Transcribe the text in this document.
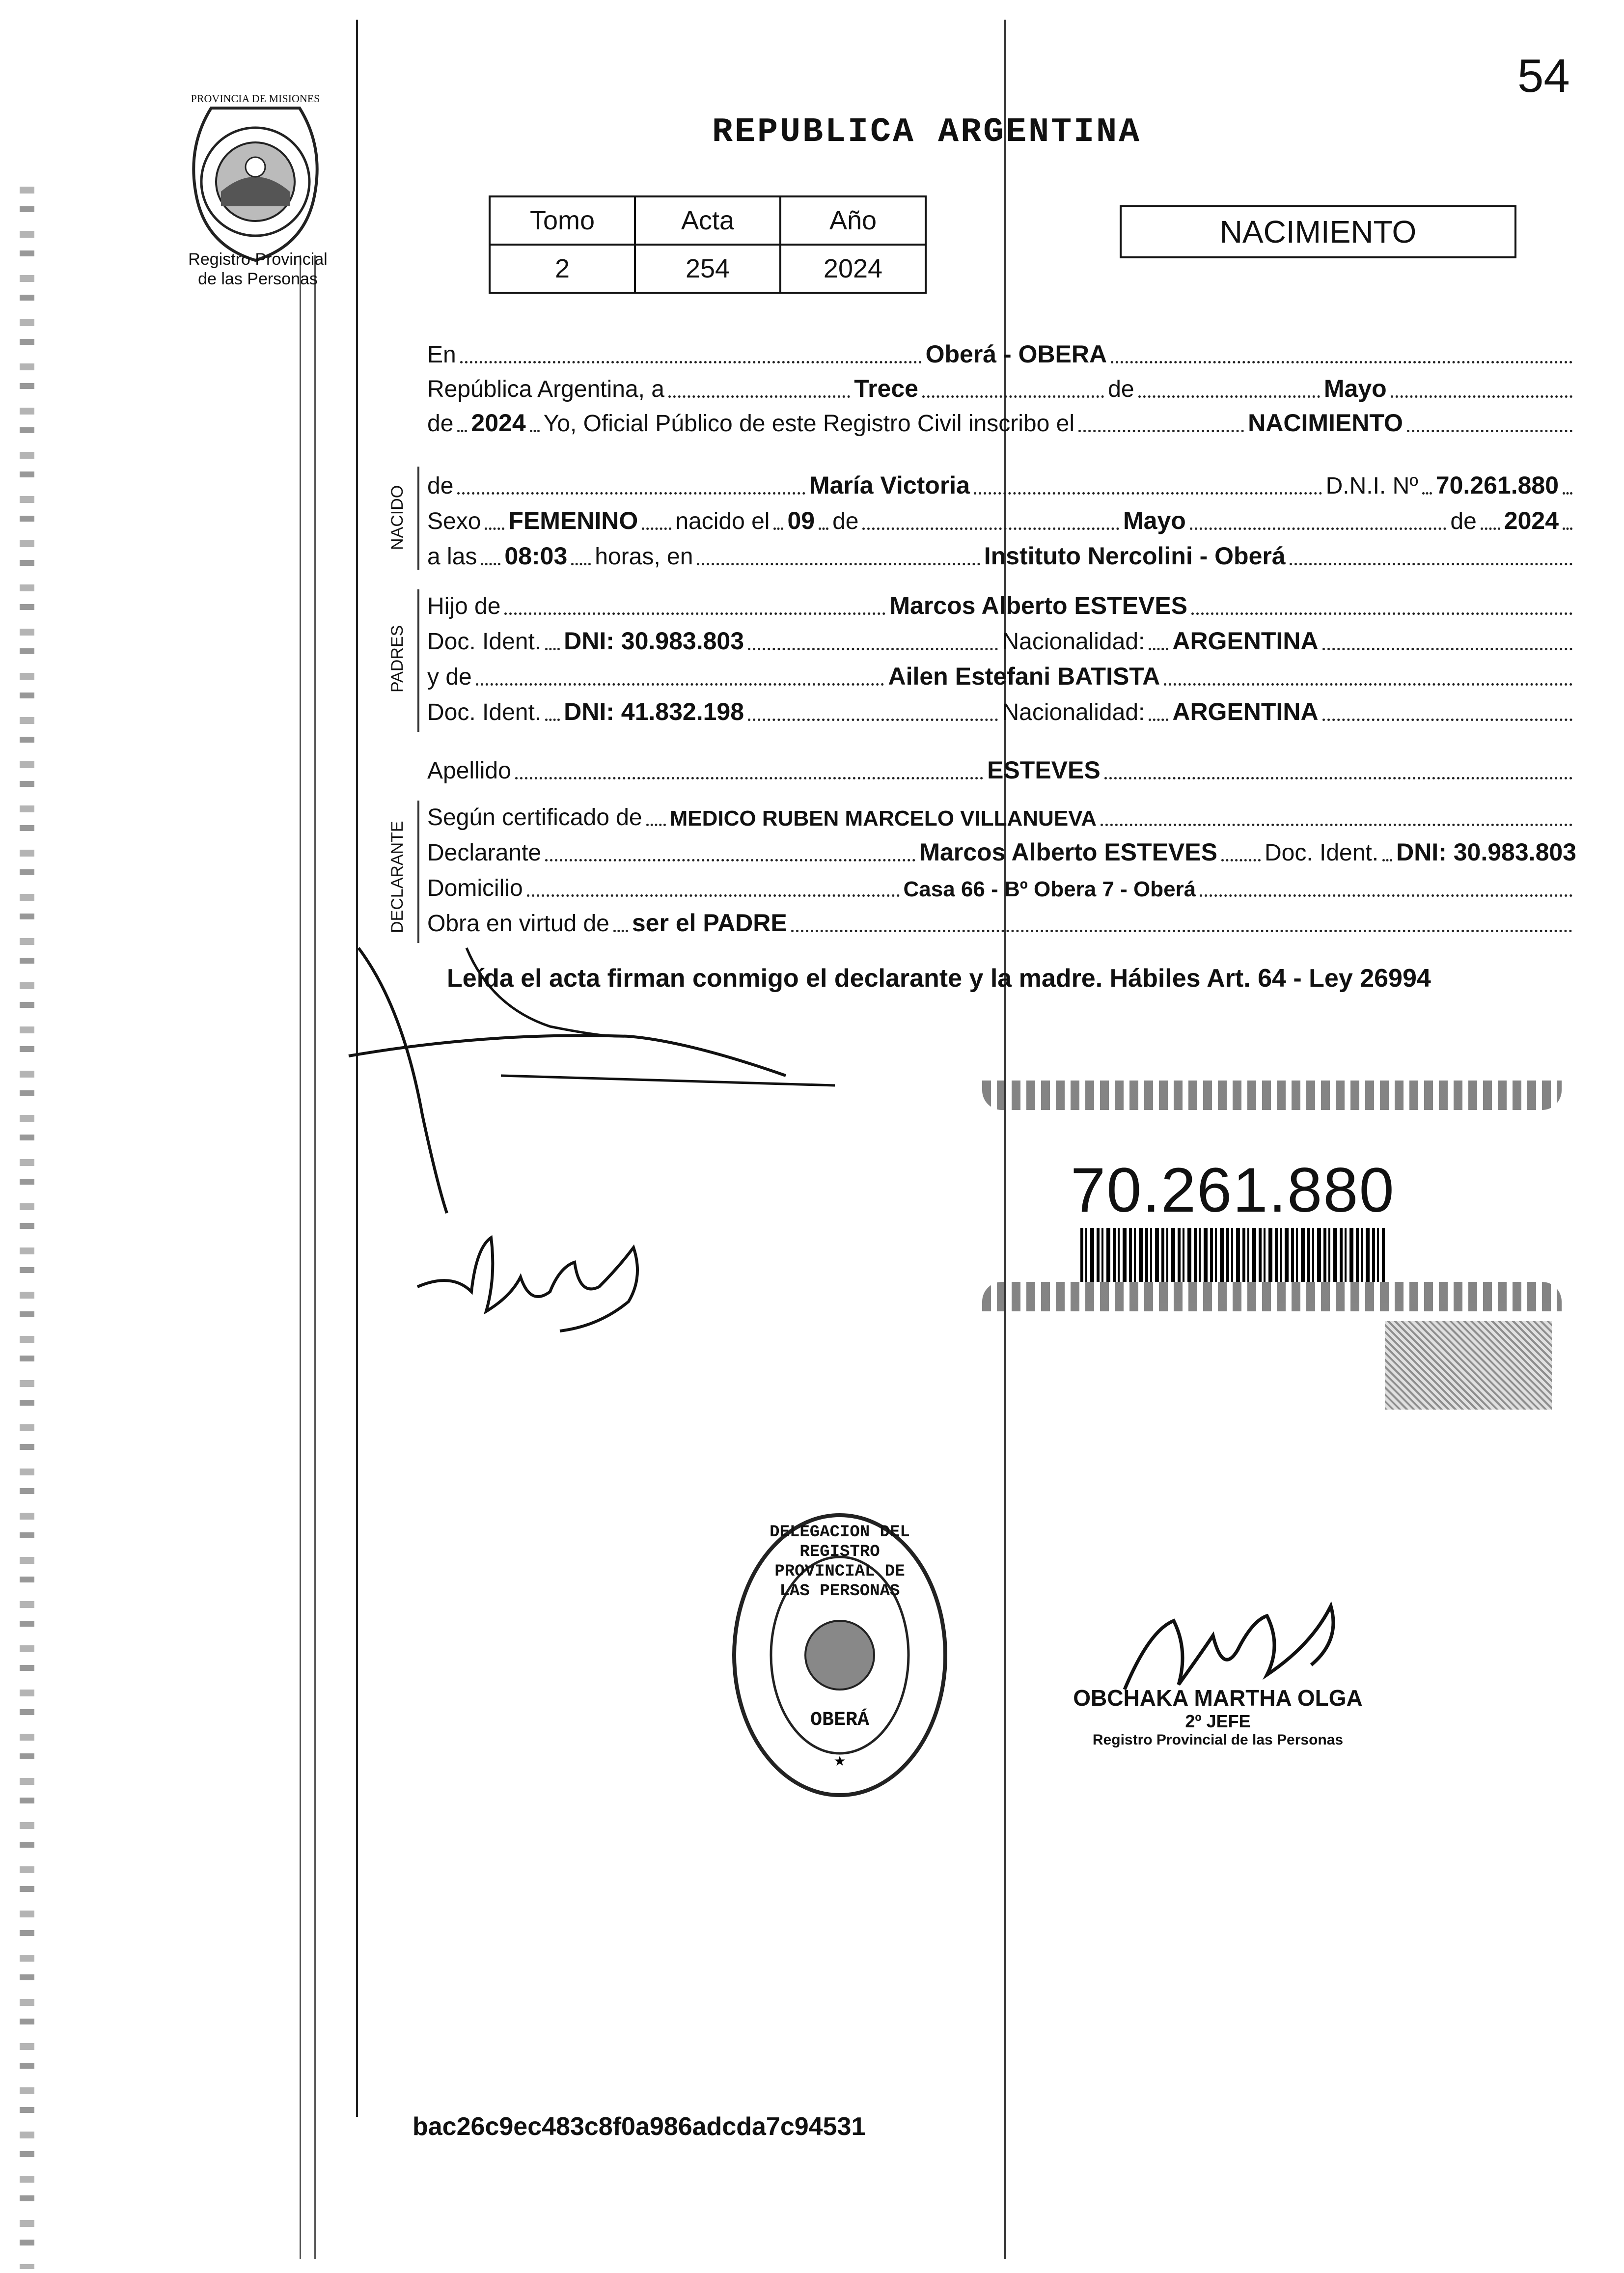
54
PROVINCIA DE MISIONES
Registro Provincial
de las Personas
REPUBLICA ARGENTINA
Tomo	Acta	Año
2	254	2024
NACIMIENTO
En	Oberá - OBERA
República Argentina, a	Trece	de	Mayo
de 2024 Yo, Oficial Público de este Registro Civil inscribo el	NACIMIENTO
NACIDO de	María Victoria	D.N.I. Nº 70.261.880
Sexo FEMENINO nacido el 09 de	Mayo	de 2024
a las 08:03 horas, en	Instituto Nercolini - Oberá
PADRES
Hijo de	Marcos Alberto ESTEVES
Doc. Ident. DNI: 30.983.803	Nacionalidad: ARGENTINA
y de	Ailen Estefani BATISTA
Doc. Ident. DNI: 41.832.198	Nacionalidad: ARGENTINA
Apellido	ESTEVES
DECLARANTE
Según certificado de MEDICO RUBEN MARCELO VILLANUEVA
Declarante	Marcos Alberto ESTEVES Doc. Ident. DNI: 30.983.803
Domicilio	Casa 66 - Bº Obera 7 - Oberá
Obra en virtud de ser el PADRE
Leída el acta firman conmigo el declarante y la madre. Hábiles Art. 64 - Ley 26994
70.261.880
★
DELEGACION DEL REGISTRO PROVINCIAL DE LAS PERSONAS
OBERÁ
OBCHAKA MARTHA OLGA
2º JEFE
Registro Provincial de las Personas
bac26c9ec483c8f0a986adcda7c94531
